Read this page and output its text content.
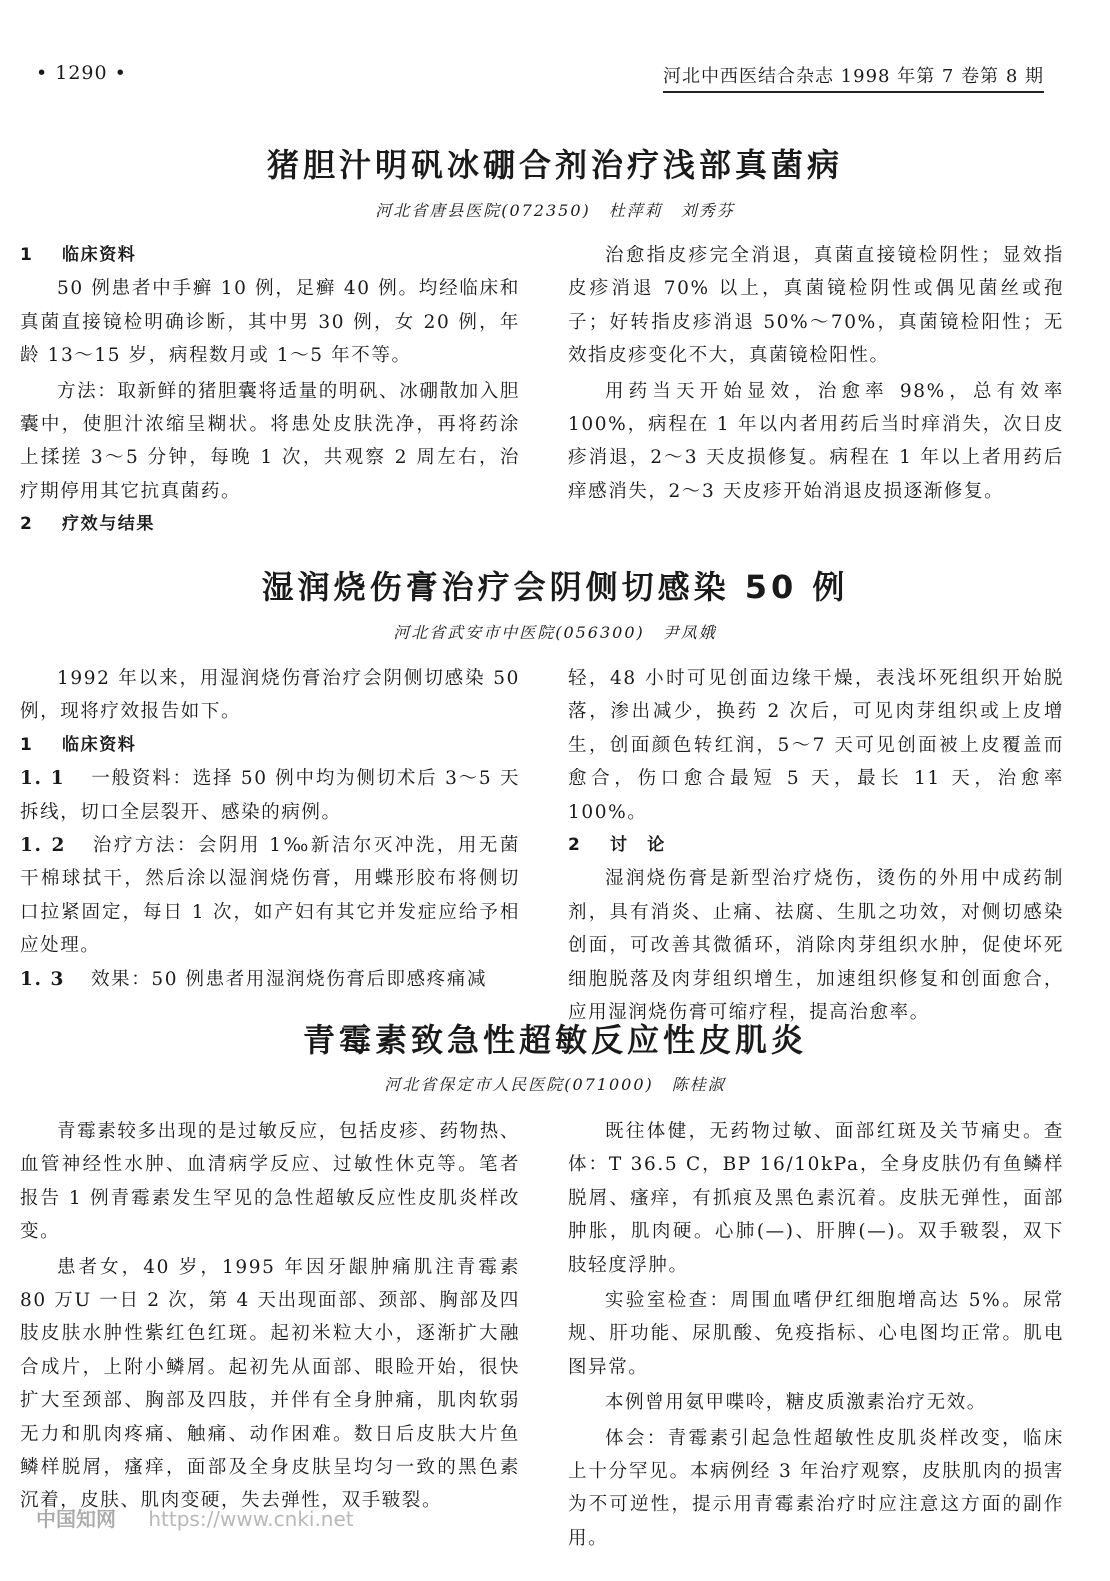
• 1290 •	河北中西医结合杂志 1998 年第 7 卷第 8 期
猪胆汁明矾冰硼合剂治疗浅部真菌病
河北省唐县医院(072350)　杜萍莉　刘秀芬

1 临床资料

50 例患者中手癣 10 例，足癣 40 例。均经临床和真菌直接镜检明确诊断，其中男 30 例，女 20 例，年龄 13～15 岁，病程数月或 1～5 年不等。

方法：取新鲜的猪胆囊将适量的明矾、冰硼散加入胆囊中，使胆汁浓缩呈糊状。将患处皮肤洗净，再将药涂上揉搓 3～5 分钟，每晚 1 次，共观察 2 周左右，治疗期停用其它抗真菌药。

2 疗效与结果

治愈指皮疹完全消退，真菌直接镜检阴性；显效指皮疹消退 70% 以上，真菌镜检阴性或偶见菌丝或孢子；好转指皮疹消退 50%～70%，真菌镜检阳性；无效指皮疹变化不大，真菌镜检阳性。

用药当天开始显效，治愈率 98%，总有效率 100%，病程在 1 年以内者用药后当时痒消失，次日皮疹消退，2～3 天皮损修复。病程在 1 年以上者用药后痒感消失，2～3 天皮疹开始消退皮损逐渐修复。

湿润烧伤膏治疗会阴侧切感染 50 例
河北省武安市中医院(056300)　尹凤娥

1992 年以来，用湿润烧伤膏治疗会阴侧切感染 50 例，现将疗效报告如下。

1 临床资料

1. 1 一般资料：选择 50 例中均为侧切术后 3～5 天拆线，切口全层裂开、感染的病例。

1. 2 治疗方法：会阴用 1‰新洁尔灭冲洗，用无菌干棉球拭干，然后涂以湿润烧伤膏，用蝶形胶布将侧切口拉紧固定，每日 1 次，如产妇有其它并发症应给予相应处理。

1. 3 效果：50 例患者用湿润烧伤膏后即感疼痛减

轻，48 小时可见创面边缘干燥，表浅坏死组织开始脱落，渗出减少，换药 2 次后，可见肉芽组织或上皮增生，创面颜色转红润，5～7 天可见创面被上皮覆盖而愈合，伤口愈合最短 5 天，最长 11 天，治愈率 100%。

2 讨　论

湿润烧伤膏是新型治疗烧伤，烫伤的外用中成药制剂，具有消炎、止痛、祛腐、生肌之功效，对侧切感染创面，可改善其微循环，消除肉芽组织水肿，促使坏死细胞脱落及肉芽组织增生，加速组织修复和创面愈合，应用湿润烧伤膏可缩疗程，提高治愈率。

青霉素致急性超敏反应性皮肌炎
河北省保定市人民医院(071000)　陈桂淑

青霉素较多出现的是过敏反应，包括皮疹、药物热、血管神经性水肿、血清病学反应、过敏性休克等。笔者报告 1 例青霉素发生罕见的急性超敏反应性皮肌炎样改变。

患者女，40 岁，1995 年因牙龈肿痛肌注青霉素 80 万U 一日 2 次，第 4 天出现面部、颈部、胸部及四肢皮肤水肿性紫红色红斑。起初米粒大小，逐渐扩大融合成片，上附小鳞屑。起初先从面部、眼睑开始，很快扩大至颈部、胸部及四肢，并伴有全身肿痛，肌肉软弱无力和肌肉疼痛、触痛、动作困难。数日后皮肤大片鱼鳞样脱屑，瘙痒，面部及全身皮肤呈均匀一致的黑色素沉着，皮肤、肌肉变硬，失去弹性，双手皲裂。

既往体健，无药物过敏、面部红斑及关节痛史。查体：T 36.5 C，BP 16/10kPa，全身皮肤仍有鱼鳞样脱屑、瘙痒，有抓痕及黑色素沉着。皮肤无弹性，面部肿胀，肌肉硬。心肺(—)、肝脾(—)。双手皲裂，双下肢轻度浮肿。

实验室检查：周围血嗜伊红细胞增高达 5%。尿常规、肝功能、尿肌酸、免疫指标、心电图均正常。肌电图异常。

本例曾用氨甲喋呤，糖皮质激素治疗无效。

体会：青霉素引起急性超敏性皮肌炎样改变，临床上十分罕见。本病例经 3 年治疗观察，皮肤肌肉的损害为不可逆性，提示用青霉素治疗时应注意这方面的副作用。

中国知网 https://www.cnki.net
